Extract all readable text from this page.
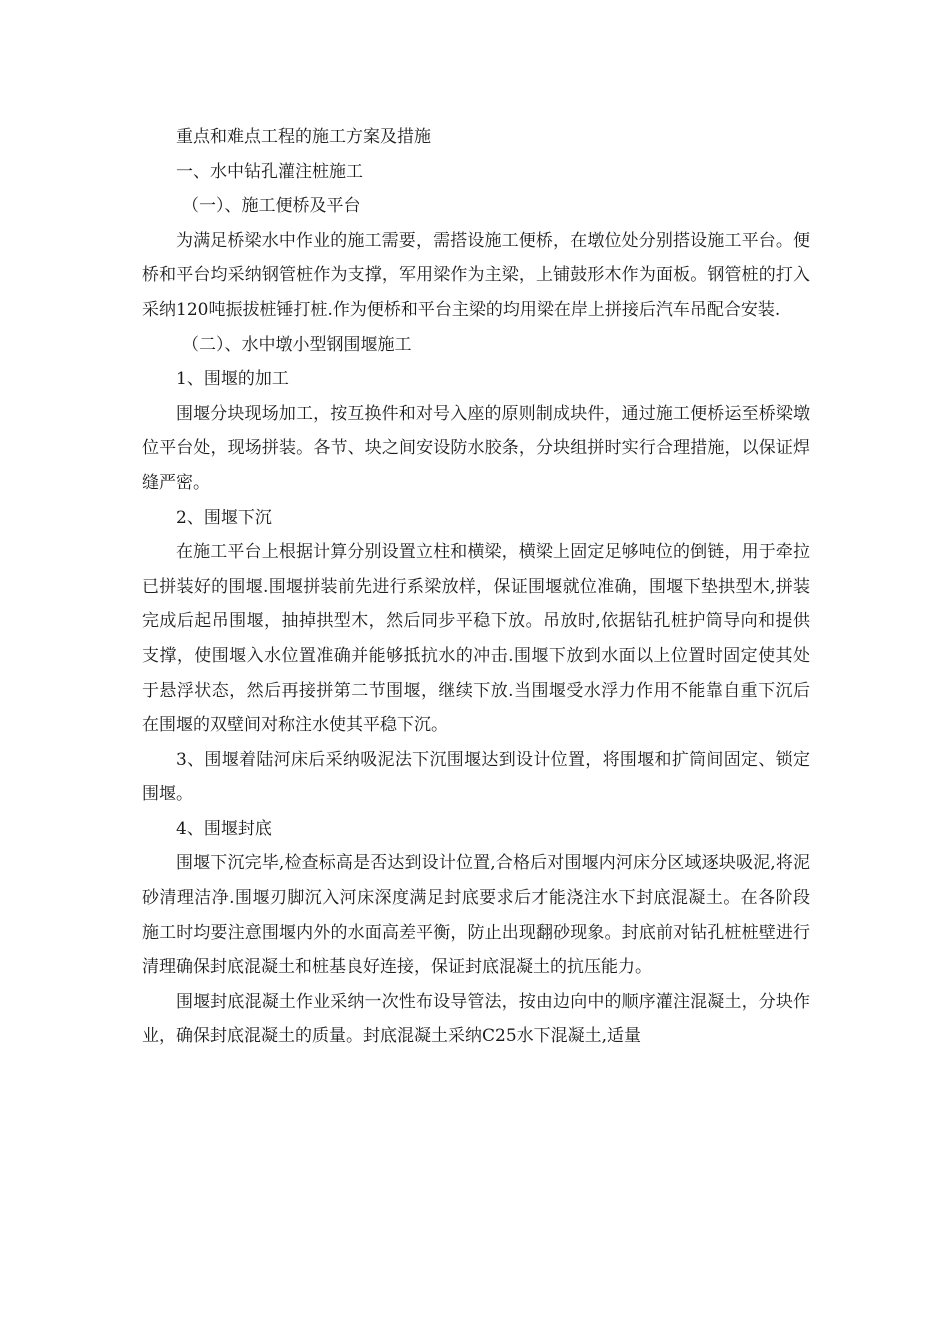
重点和难点工程的施工方案及措施

一、水中钻孔灌注桩施工

（一）、施工便桥及平台

为满足桥梁水中作业的施工需要，需搭设施工便桥，在墩位处分别搭设施工平台。便桥和平台均采纳钢管桩作为支撑，军用梁作为主梁，上铺鼓形木作为面板。钢管桩的打入采纳120吨振拔桩锤打桩.作为便桥和平台主梁的均用梁在岸上拼接后汽车吊配合安装.

（二）、水中墩小型钢围堰施工

1、围堰的加工

围堰分块现场加工，按互换件和对号入座的原则制成块件，通过施工便桥运至桥梁墩位平台处，现场拼装。各节、块之间安设防水胶条，分块组拼时实行合理措施，以保证焊缝严密。

2、围堰下沉

在施工平台上根据计算分别设置立柱和横梁，横梁上固定足够吨位的倒链，用于牵拉已拼装好的围堰.围堰拼装前先进行系梁放样，保证围堰就位准确，围堰下垫拱型木,拼装完成后起吊围堰，抽掉拱型木，然后同步平稳下放。吊放时,依据钻孔桩护筒导向和提供支撑，使围堰入水位置准确并能够抵抗水的冲击.围堰下放到水面以上位置时固定使其处于悬浮状态，然后再接拼第二节围堰，继续下放.当围堰受水浮力作用不能靠自重下沉后在围堰的双壁间对称注水使其平稳下沉。

3、围堰着陆河床后采纳吸泥法下沉围堰达到设计位置，将围堰和扩筒间固定、锁定围堰。

4、围堰封底

围堰下沉完毕,检查标高是否达到设计位置,合格后对围堰内河床分区域逐块吸泥,将泥砂清理洁净.围堰刃脚沉入河床深度满足封底要求后才能浇注水下封底混凝土。在各阶段施工时均要注意围堰内外的水面高差平衡，防止出现翻砂现象。封底前对钻孔桩桩壁进行清理确保封底混凝土和桩基良好连接，保证封底混凝土的抗压能力。

围堰封底混凝土作业采纳一次性布设导管法，按由边向中的顺序灌注混凝土，分块作业，确保封底混凝土的质量。封底混凝土采纳C25水下混凝土,适量
